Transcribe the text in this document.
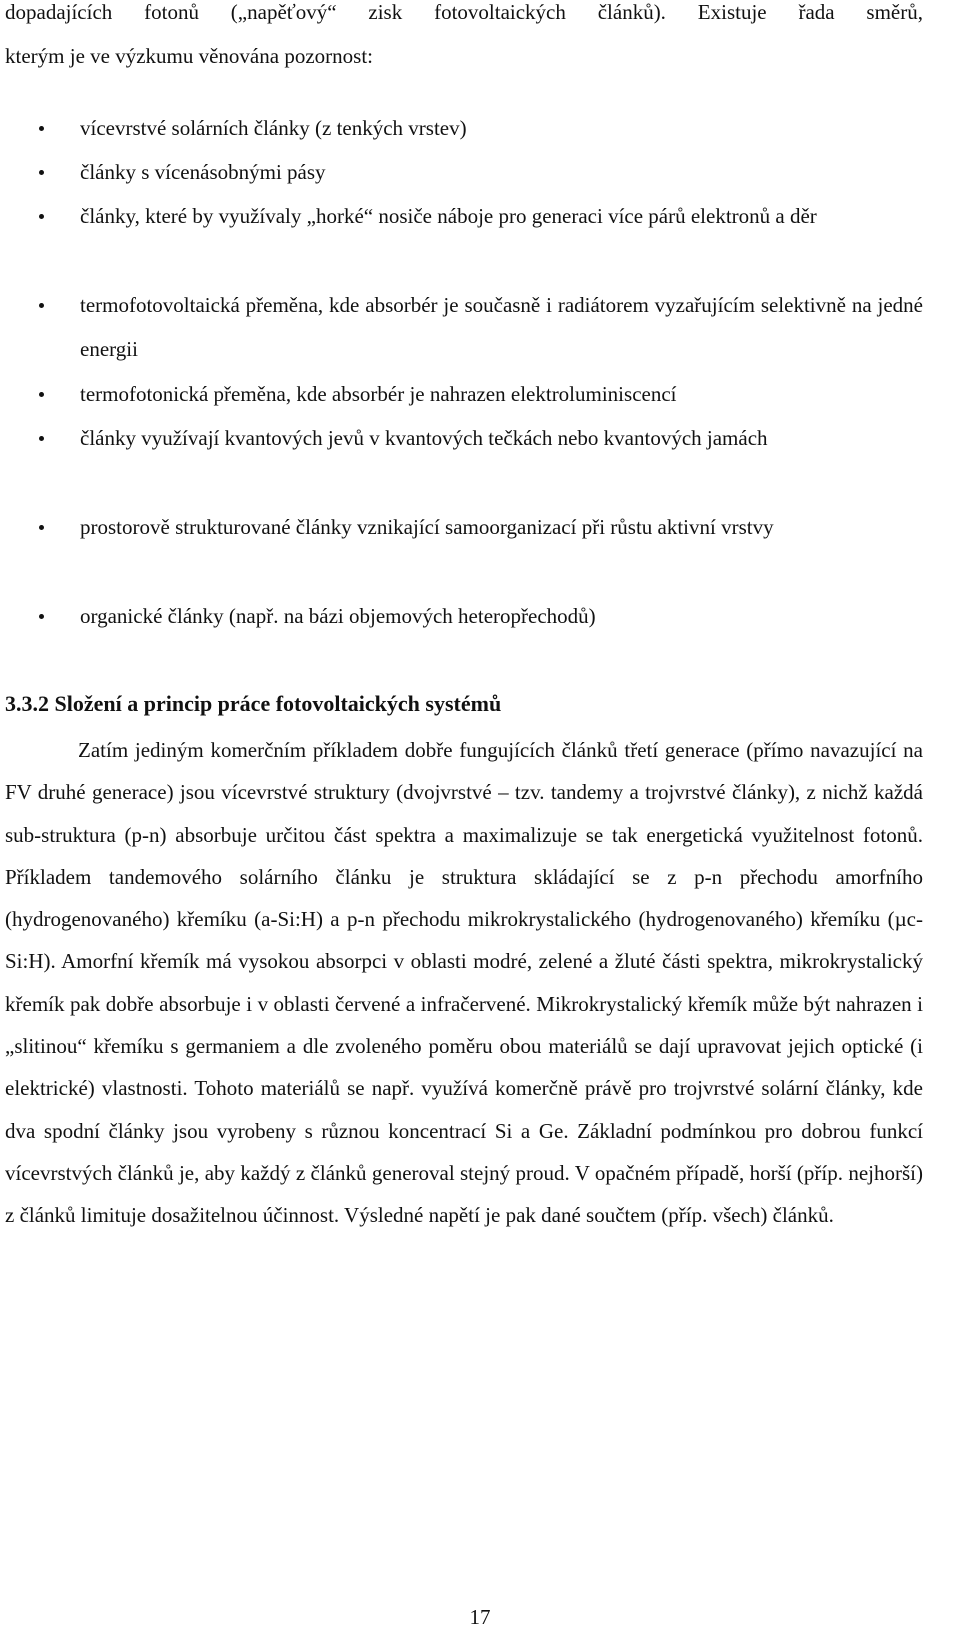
dopadajících fotonů („napěťový“ zisk fotovoltaických článků). Existuje řada směrů,
kterým je ve výzkumu věnována pozornost:
vícevrstvé solárních články (z tenkých vrstev)
články s vícenásobnými pásy
články, které by využívaly „horké“ nosiče náboje pro generaci více párů elektronů a děr
termofotovoltaická přeměna, kde absorbér je současně i radiátorem vyzařujícím selektivně na jedné energii
termofotonická přeměna, kde absorbér je nahrazen elektroluminiscencí
články využívají kvantových jevů v kvantových tečkách nebo kvantových jamách
prostorově strukturované články vznikající samoorganizací při růstu aktivní vrstvy
organické články (např. na bázi objemových heteropřechodů)
3.3.2 Složení a princip práce fotovoltaických systémů

Zatím jediným komerčním příkladem dobře fungujících článků třetí generace (přímo navazující na FV druhé generace) jsou vícevrstvé struktury (dvojvrstvé – tzv. tandemy a trojvrstvé články), z nichž každá sub-struktura (p-n) absorbuje určitou část spektra a maximalizuje se tak energetická využitelnost fotonů. Příkladem tandemového solárního článku je struktura skládající se z p-n přechodu amorfního (hydrogenovaného) křemíku (a-Si:H) a p-n přechodu mikrokrystalického (hydrogenovaného) křemíku (µc-Si:H). Amorfní křemík má vysokou absorpci v oblasti modré, zelené a žluté části spektra, mikrokrystalický křemík pak dobře absorbuje i v oblasti červené a infračervené. Mikrokrystalický křemík může být nahrazen i „slitinou“ křemíku s germaniem a dle zvoleného poměru obou materiálů se dají upravovat jejich optické (i elektrické) vlastnosti. Tohoto materiálů se např. využívá komerčně právě pro trojvrstvé solární články, kde dva spodní články jsou vyrobeny s různou koncentrací Si a Ge. Základní podmínkou pro dobrou funkcí vícevrstvých článků je, aby každý z článků generoval stejný proud. V opačném případě, horší (příp. nejhorší) z článků limituje dosažitelnou účinnost. Výsledné napětí je pak dané součtem (příp. všech) článků.

17
